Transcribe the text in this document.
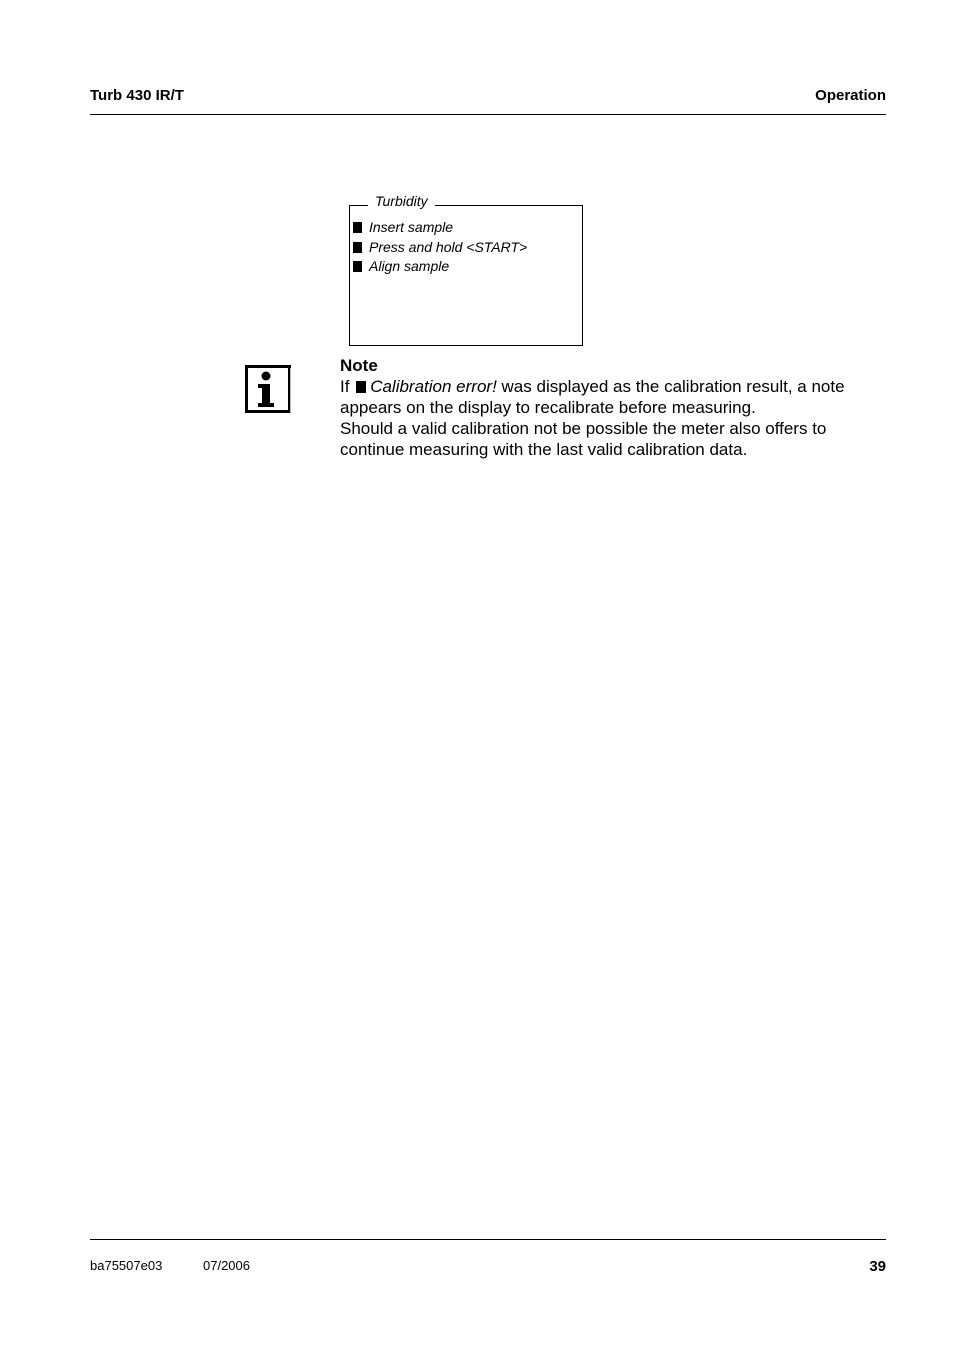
Turb 430 IR/T	Operation
Turbidity
Insert sample
Press and hold <START>
Align sample
Note
If Calibration error! was displayed as the calibration result, a note appears on the display to recalibrate before measuring.
Should a valid calibration not be possible the meter also offers to continue measuring with the last valid calibration data.
ba75507e03	07/2006	39
